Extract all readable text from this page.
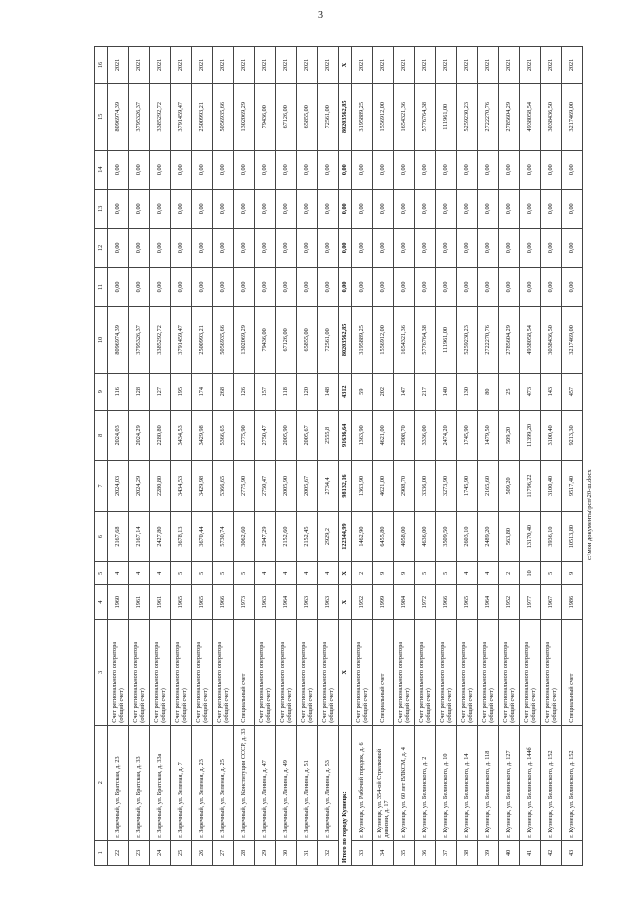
3
1	2	3	4	5	6	7	8	9	10	11	12	13	14	15	16
22	г. Заречный, ул. Братская, д. 23	Счет регионального оператора (общий счет)	1960	4	2167,68	2024,03	2024,03	116	8096974,39	0,00	0,00	0,00	0,00	8096974,39	2021
23	г. Заречный, ул. Братская, д. 33	Счет регионального оператора (общий счет)	1961	4	2167,14	2024,29	2024,29	128	3795326,37	0,00	0,00	0,00	0,00	3795326,37	2021
24	г. Заречный, ул. Братская, д. 33а	Счет регионального оператора (общий счет)	1961	4	2427,80	2280,80	2280,80	127	3385292,72	0,00	0,00	0,00	0,00	3385292,72	2021
25	г. Заречный, ул. Зеленая, д. 7	Счет регионального оператора (общий счет)	1965	5	3678,13	3434,53	3434,53	195	3791459,47	0,00	0,00	0,00	0,00	3791459,47	2021
26	г. Заречный, ул. Зеленая, д. 23	Счет регионального оператора (общий счет)	1965	5	3670,44	3429,98	3429,98	174	2500993,21	0,00	0,00	0,00	0,00	2500993,21	2021
27	г. Заречный, ул. Зеленая, д. 25	Счет регионального оператора (общий счет)	1966	5	5730,74	5366,65	5366,65	268	5056935,66	0,00	0,00	0,00	0,00	5056935,66	2021
28	г. Заречный, ул. Конституции СССР, д. 33	Специальный счет	1973	5	3062,60	2775,90	2775,90	126	1302069,29	0,00	0,00	0,00	0,00	1302069,29	2021
29	г. Заречный, ул. Ленина, д. 47	Счет регионального оператора (общий счет)	1963	4	2947,29	2750,47	2750,47	157	79436,00	0,00	0,00	0,00	0,00	79436,00	2021
30	г. Заречный, ул. Ленина, д. 49	Счет регионального оператора (общий счет)	1964	4	2152,60	2005,90	2005,90	118	67126,00	0,00	0,00	0,00	0,00	67126,00	2021
31	г. Заречный, ул. Ленина, д. 51	Счет регионального оператора (общий счет)	1963	4	2152,45	2005,67	2005,67	120	65855,00	0,00	0,00	0,00	0,00	65855,00	2021
32	г. Заречный, ул. Ленина, д. 53	Счет регионального оператора (общий счет)	1963	4	2929,2	2734,4	2555,8	148	72561,00	0,00	0,00	0,00	0,00	72561,00	2021
Итого по городу Кузнецк:		X	X	X	122344,99	98132,16	91636,64	4312	80203562,85	0,00	0,00	0,00	0,00	80203562,85	X
33	г. Кузнецк, ул. Рабочий городок, д. 6	Счет регионального оператора (общий счет)	1952	2	1462,90	1363,90	1363,90	59	3195889,25	0,00	0,00	0,00	0,00	3195889,25	2021
34	г. Кузнецк, ул. 354-ой Стрелковой дивизии, д. 17	Специальный счет	1999	9	6455,80	4621,00	4621,00	202	1556912,00	0,00	0,00	0,00	0,00	1556912,00	2021
35	г. Кузнецк, ул. 60 лет ВЛКСМ, д. 4	Счет регионального оператора (общий счет)	1984	9	4058,00	2908,70	2908,70	147	1654321,36	0,00	0,00	0,00	0,00	1654321,36	2021
36	г. Кузнецк, ул. Белинского, д. 2	Счет регионального оператора (общий счет)	1972	5	4636,00	3336,00	3336,00	217	5776764,38	0,00	0,00	0,00	0,00	5776764,38	2021
37	г. Кузнецк, ул. Белинского, д. 10	Счет регионального оператора (общий счет)	1966	5	3509,50	3273,90	2474,20	140	111961,00	0,00	0,00	0,00	0,00	111961,00	2021
38	г. Кузнецк, ул. Белинского, д. 14	Счет регионального оператора (общий счет)	1965	4	2603,10	1745,90	1745,90	130	5259230,23	0,00	0,00	0,00	0,00	5259230,23	2021
39	г. Кузнецк, ул. Белинского, д. 118	Счет регионального оператора (общий счет)	1964	4	2489,20	2165,60	1479,50	80	2722270,76	0,00	0,00	0,00	0,00	2722270,76	2021
40	г. Кузнецк, ул. Белинского, д. 127	Счет регионального оператора (общий счет)	1952	2	563,80	509,20	509,20	25	2785604,29	0,00	0,00	0,00	0,00	2785604,29	2021
41	г. Кузнецк, ул. Белинского, д. 144б	Счет регионального оператора (общий счет)	1977	10	13170,40	11796,22	11399,20	473	4938058,54	0,00	0,00	0,00	0,00	4938058,54	2021
42	г. Кузнецк, ул. Белинского, д. 152	Счет регионального оператора (общий счет)	1967	5	3936,10	3100,40	3100,40	143	3038436,50	0,00	0,00	0,00	0,00	3038436,50	2021
43	г. Кузнецк, ул. Белинского, д. 152	Специальный счет	1986	9	10513,80	9517,40	9213,30	457	3217469,00	0,00	0,00	0,00	0,00	3217469,00	2021
c:\мои документы\рсп\20-ш.docx
